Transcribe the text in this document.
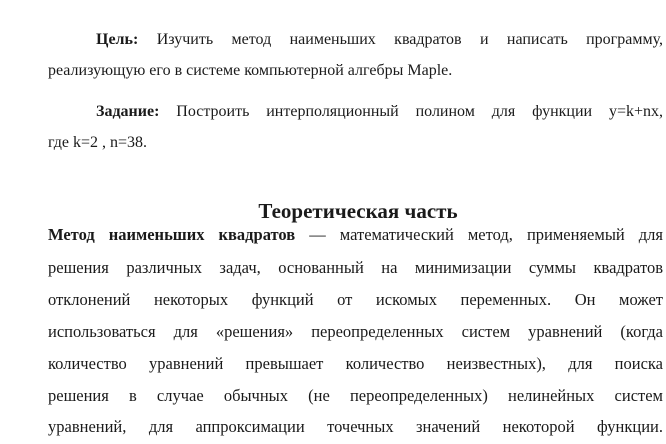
Цель: Изучить метод наименьших квадратов и написать программу,
реализующую его в системе компьютерной алгебры Maple.
Задание: Построить интерполяционный полином для функции y=k+nx,
где k=2 , n=38.
Теоретическая часть
Метод наименьших квадратов — математический метод, применяемый для
решения различных задач, основанный на минимизации суммы квадратов
отклонений некоторых функций от искомых переменных. Он может
использоваться для «решения» переопределенных систем уравнений (когда
количество уравнений превышает количество неизвестных), для поиска
решения в случае обычных (не переопределенных) нелинейных систем
уравнений, для аппроксимации точечных значений некоторой функции.
